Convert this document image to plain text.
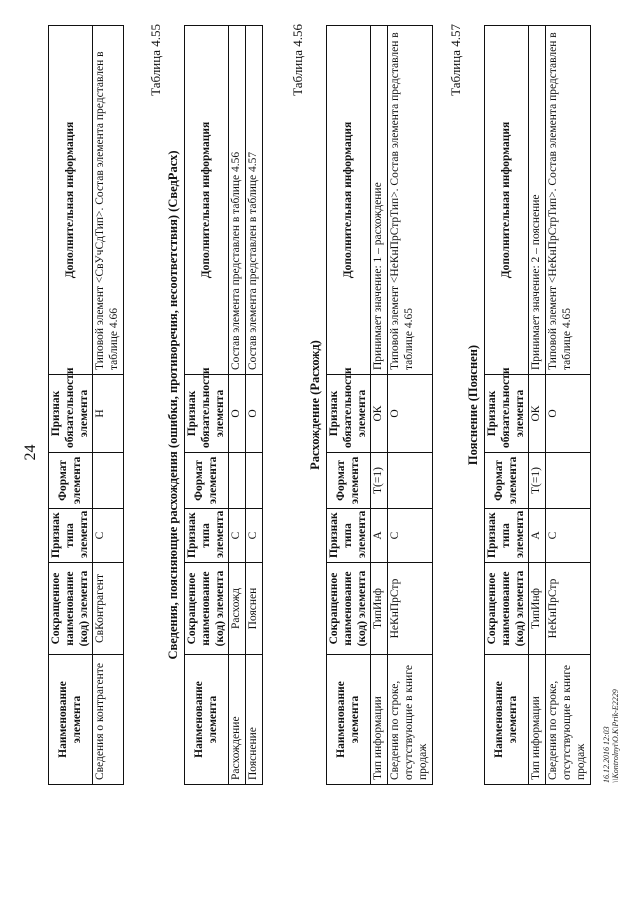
24
Наименование элемента	Сокращенное наименование (код) элемента	Признак типа элемента	Формат элемента	Признак обязательности элемента	Дополнительная информация
Сведения о контрагенте	СвКонтрагент	С		Н	Типовой элемент <СвУчСдТип>. Состав элемента представлен в таблице 4.66
Таблица 4.55
Сведения, поясняющие расхождения (ошибки, противоречия, несоответствия) (СведРасх)
Наименование элемента	Сокращенное наименование (код) элемента	Признак типа элемента	Формат элемента	Признак обязательности элемента	Дополнительная информация
Расхождение	Расхожд	С		О	Состав элемента представлен в таблице 4.56
Пояснение	Пояснен	С		О	Состав элемента представлен в таблице 4.57
Таблица 4.56
Расхождение (Расхожд)
Наименование элемента	Сокращенное наименование (код) элемента	Признак типа элемента	Формат элемента	Признак обязательности элемента	Дополнительная информация
Тип информации	ТипИнф	А	T(=1)	ОК	Принимает значение: 1 – расхождение
Сведения по строке, отсутствующие в книге продаж	НеКнПрСтр	С		О	Типовой элемент <НеКнПрСтрТип>. Состав элемента представлен в таблице 4.65
Таблица 4.57
Пояснение (Пояснен)
Наименование элемента	Сокращенное наименование (код) элемента	Признак типа элемента	Формат элемента	Признак обязательности элемента	Дополнительная информация
Тип информации	ТипИнф	А	T(=1)	ОК	Принимает значение: 2 – пояснение
Сведения по строке, отсутствующие в книге продаж	НеКнПрСтр	С		О	Типовой элемент <НеКнПрСтрТип>. Состав элемента представлен в таблице 4.65
16.12.2016 12:03 \\Kontrolnyi\O.K\Prik-E2229
